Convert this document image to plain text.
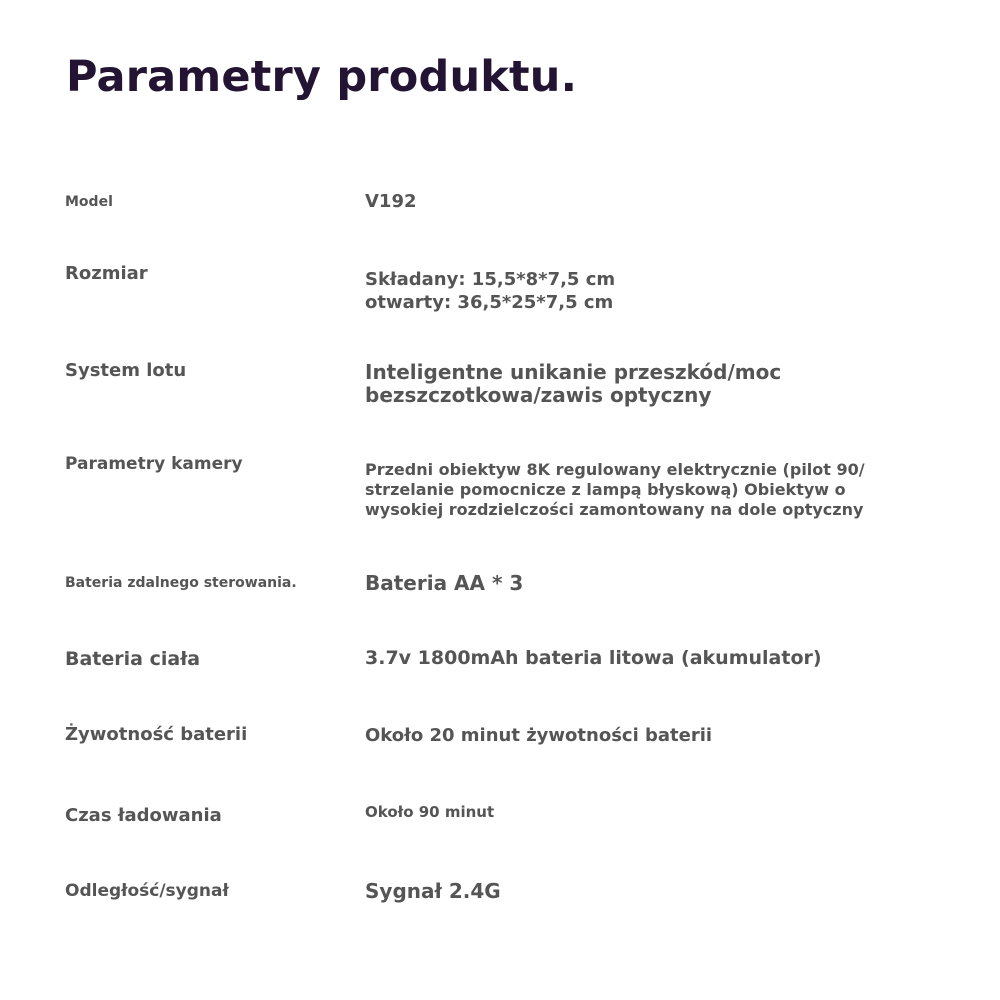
Parametry produktu.
Model	V192
Rozmiar	Składany: 15,5*8*7,5 cm
otwarty: 36,5*25*7,5 cm
System lotu	Inteligentne unikanie przeszkód/moc
bezszczotkowa/zawis optyczny
Parametry kamery	Przedni obiektyw 8K regulowany elektrycznie (pilot 90/
strzelanie pomocnicze z lampą błyskową) Obiektyw o
wysokiej rozdzielczości zamontowany na dole optyczny
Bateria zdalnego sterowania.	Bateria AA * 3
Bateria ciała	3.7v 1800mAh bateria litowa (akumulator)
Żywotność baterii	Około 20 minut żywotności baterii
Czas ładowania	Około 90 minut
Odległość/sygnał	Sygnał 2.4G
